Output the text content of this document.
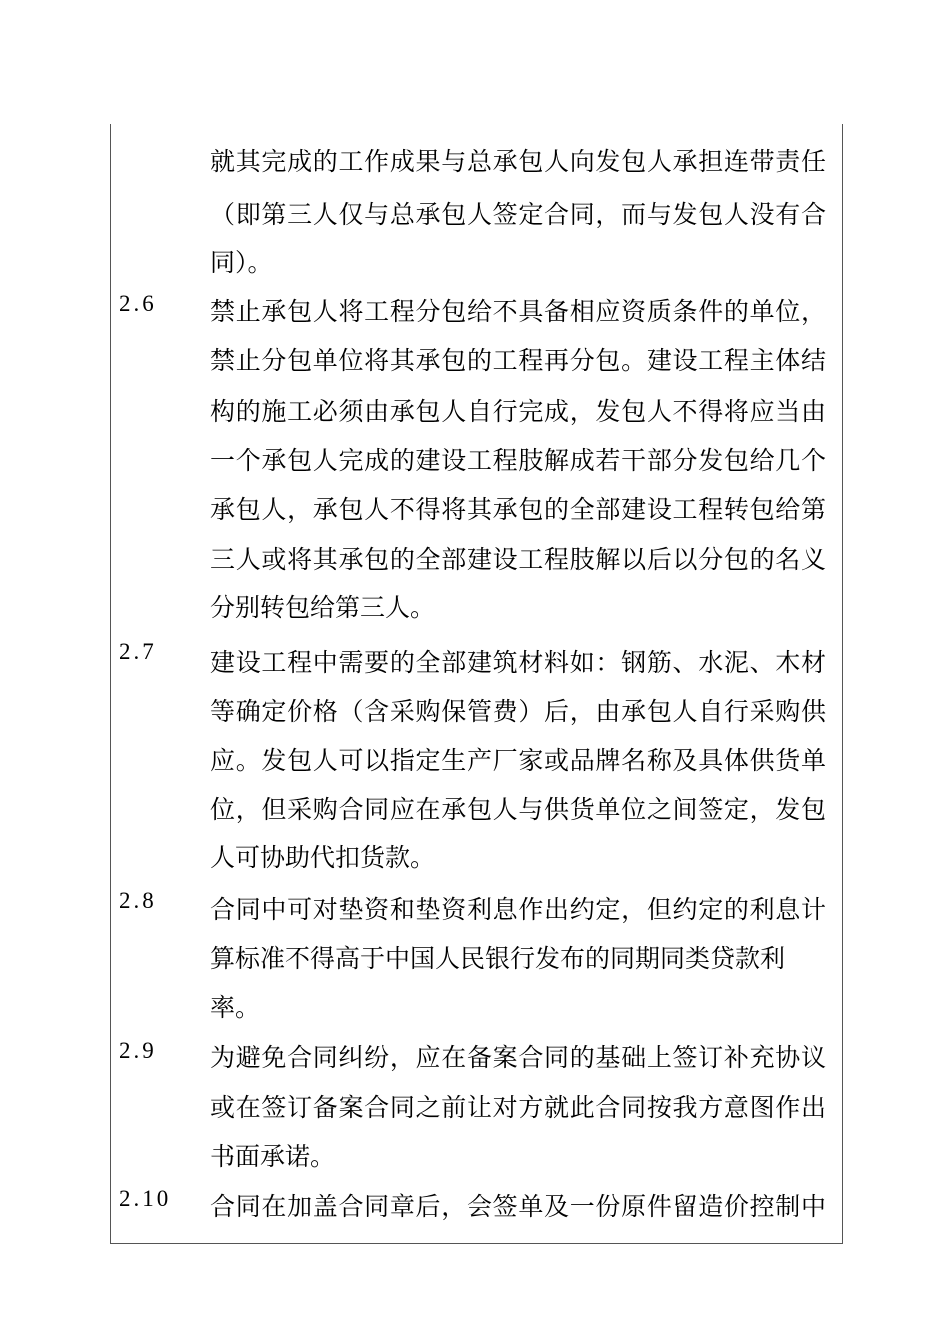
就其完成的工作成果与总承包人向发包人承担连带责任
（即第三人仅与总承包人签定合同，而与发包人没有合
同）。
2.6 禁止承包人将工程分包给不具备相应资质条件的单位，
禁止分包单位将其承包的工程再分包。建设工程主体结
构的施工必须由承包人自行完成，发包人不得将应当由
一个承包人完成的建设工程肢解成若干部分发包给几个
承包人，承包人不得将其承包的全部建设工程转包给第
三人或将其承包的全部建设工程肢解以后以分包的名义
分别转包给第三人。
2.7 建设工程中需要的全部建筑材料如：钢筋、水泥、木材
等确定价格（含采购保管费）后，由承包人自行采购供
应。发包人可以指定生产厂家或品牌名称及具体供货单
位，但采购合同应在承包人与供货单位之间签定，发包
人可协助代扣货款。
2.8 合同中可对垫资和垫资利息作出约定，但约定的利息计
算标准不得高于中国人民银行发布的同期同类贷款利
率。
2.9 为避免合同纠纷，应在备案合同的基础上签订补充协议
或在签订备案合同之前让对方就此合同按我方意图作出
书面承诺。
2.10 合同在加盖合同章后，会签单及一份原件留造价控制中
